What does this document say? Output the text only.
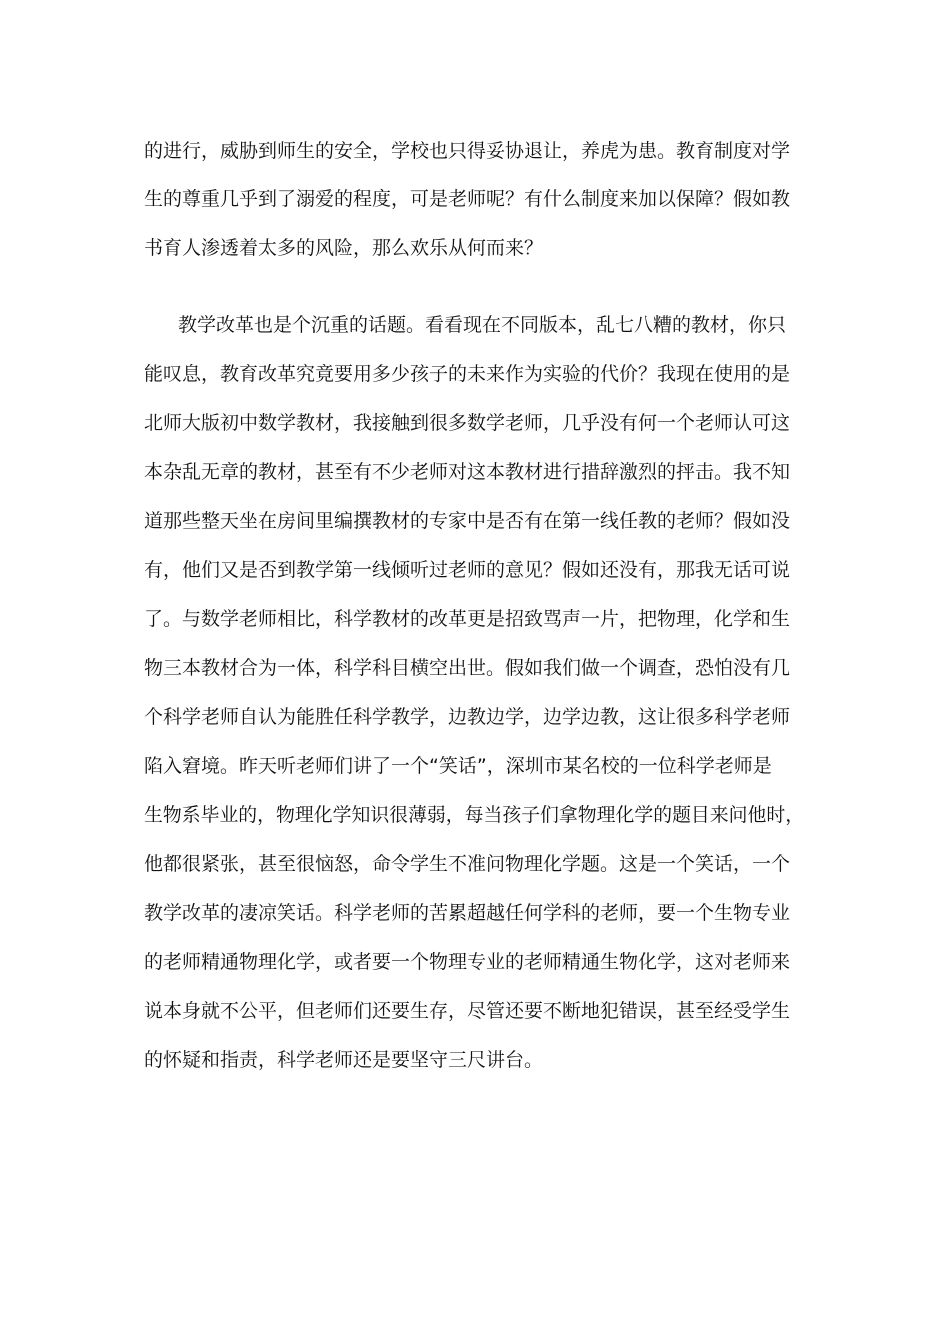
的进行，威胁到师生的安全，学校也只得妥协退让，养虎为患。教育制度对学
生的尊重几乎到了溺爱的程度，可是老师呢？有什么制度来加以保障？假如教
书育人渗透着太多的风险，那么欢乐从何而来？
教学改革也是个沉重的话题。看看现在不同版本，乱七八糟的教材，你只
能叹息，教育改革究竟要用多少孩子的未来作为实验的代价？我现在使用的是
北师大版初中数学教材，我接触到很多数学老师，几乎没有何一个老师认可这
本杂乱无章的教材，甚至有不少老师对这本教材进行措辞激烈的抨击。我不知
道那些整天坐在房间里编撰教材的专家中是否有在第一线任教的老师？假如没
有，他们又是否到教学第一线倾听过老师的意见？假如还没有，那我无话可说
了。与数学老师相比，科学教材的改革更是招致骂声一片，把物理，化学和生
物三本教材合为一体，科学科目横空出世。假如我们做一个调查，恐怕没有几
个科学老师自认为能胜任科学教学，边教边学，边学边教，这让很多科学老师
陷入窘境。昨天听老师们讲了一个“笑话”，深圳市某名校的一位科学老师是
生物系毕业的，物理化学知识很薄弱，每当孩子们拿物理化学的题目来问他时，
他都很紧张，甚至很恼怒，命令学生不准问物理化学题。这是一个笑话，一个
教学改革的凄凉笑话。科学老师的苦累超越任何学科的老师，要一个生物专业
的老师精通物理化学，或者要一个物理专业的老师精通生物化学，这对老师来
说本身就不公平，但老师们还要生存，尽管还要不断地犯错误，甚至经受学生
的怀疑和指责，科学老师还是要坚守三尺讲台。
